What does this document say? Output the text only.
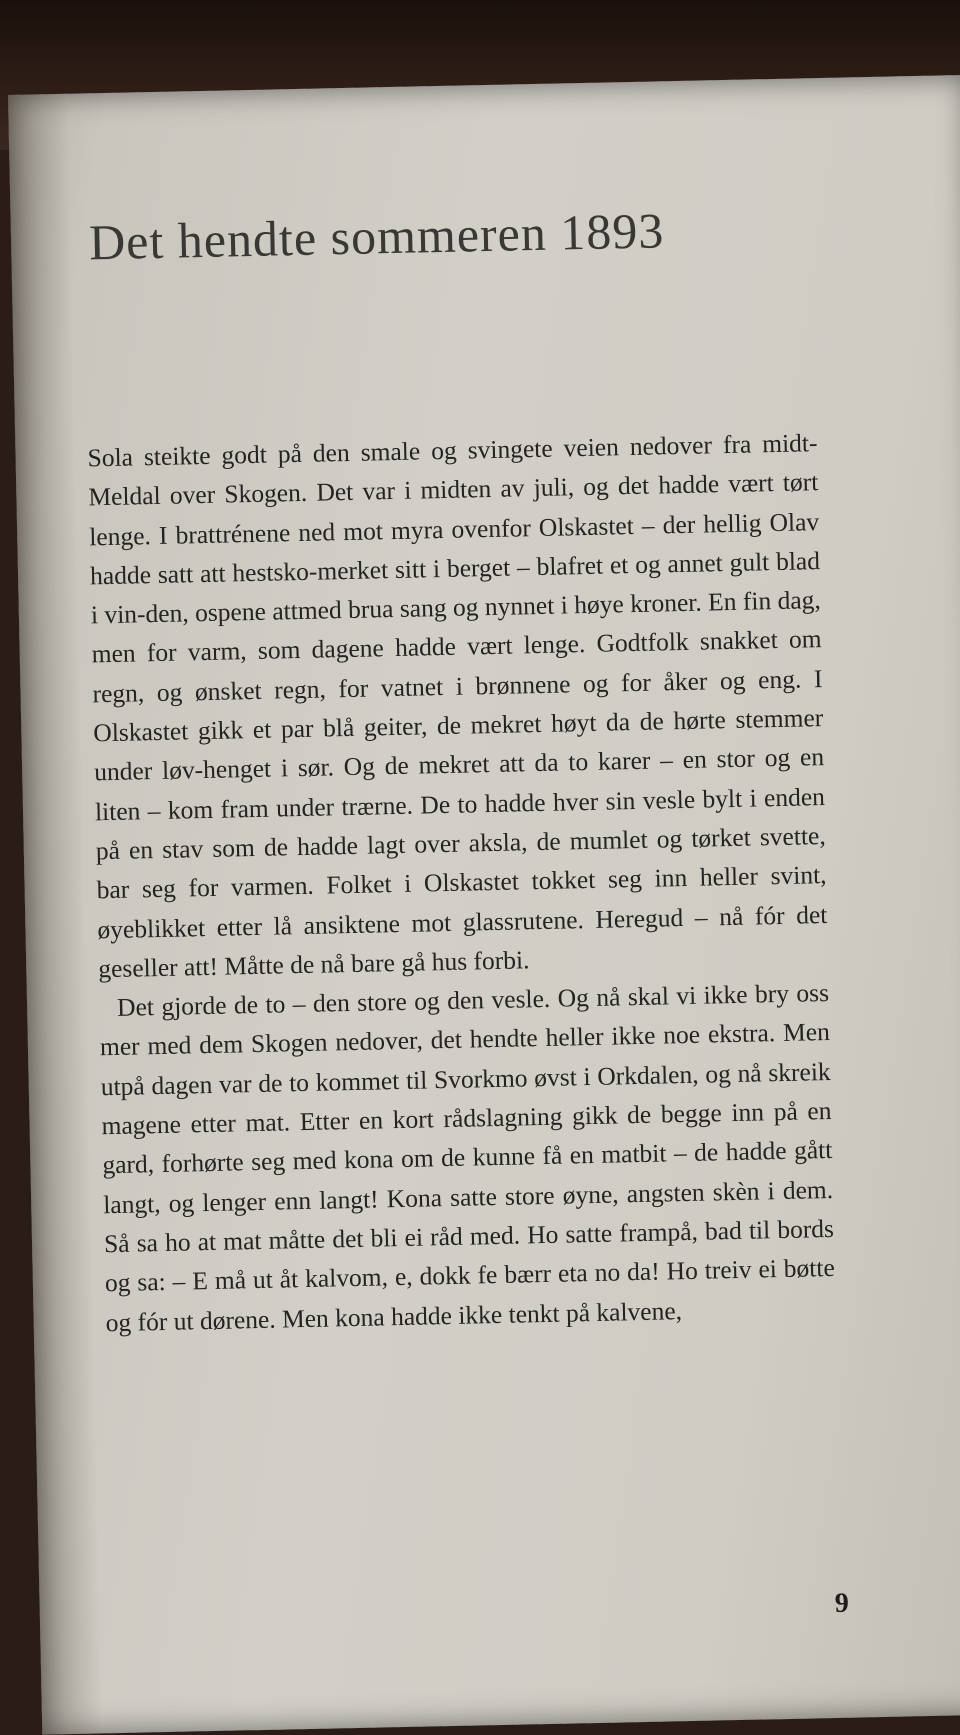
Det hendte sommeren 1893

Sola steikte godt på den smale og svingete veien nedover fra midt-Meldal over Skogen. Det var i midten av juli, og det hadde vært tørt lenge. I brattrénene ned mot myra ovenfor Olskastet – der hellig Olav hadde satt att hestsko-merket sitt i berget – blafret et og annet gult blad i vin-den, ospene attmed brua sang og nynnet i høye kroner. En fin dag, men for varm, som dagene hadde vært lenge. Godtfolk snakket om regn, og ønsket regn, for vatnet i brønnene og for åker og eng. I Olskastet gikk et par blå geiter, de mekret høyt da de hørte stemmer under løv-henget i sør. Og de mekret att da to karer – en stor og en liten – kom fram under trærne. De to hadde hver sin vesle bylt i enden på en stav som de hadde lagt over aksla, de mumlet og tørket svette, bar seg for varmen. Folket i Olskastet tokket seg inn heller svint, øyeblikket etter lå ansiktene mot glassrutene. Heregud – nå fór det geseller att! Måtte de nå bare gå hus forbi.

Det gjorde de to – den store og den vesle. Og nå skal vi ikke bry oss mer med dem Skogen nedover, det hendte heller ikke noe ekstra. Men utpå dagen var de to kommet til Svorkmo øvst i Orkdalen, og nå skreik magene etter mat. Etter en kort rådslagning gikk de begge inn på en gard, forhørte seg med kona om de kunne få en matbit – de hadde gått langt, og lenger enn langt! Kona satte store øyne, angsten skèn i dem. Så sa ho at mat måtte det bli ei råd med. Ho satte frampå, bad til bords og sa: – E må ut åt kalvom, e, dokk fe bærr eta no da! Ho treiv ei bøtte og fór ut dørene. Men kona hadde ikke tenkt på kalvene,

9
